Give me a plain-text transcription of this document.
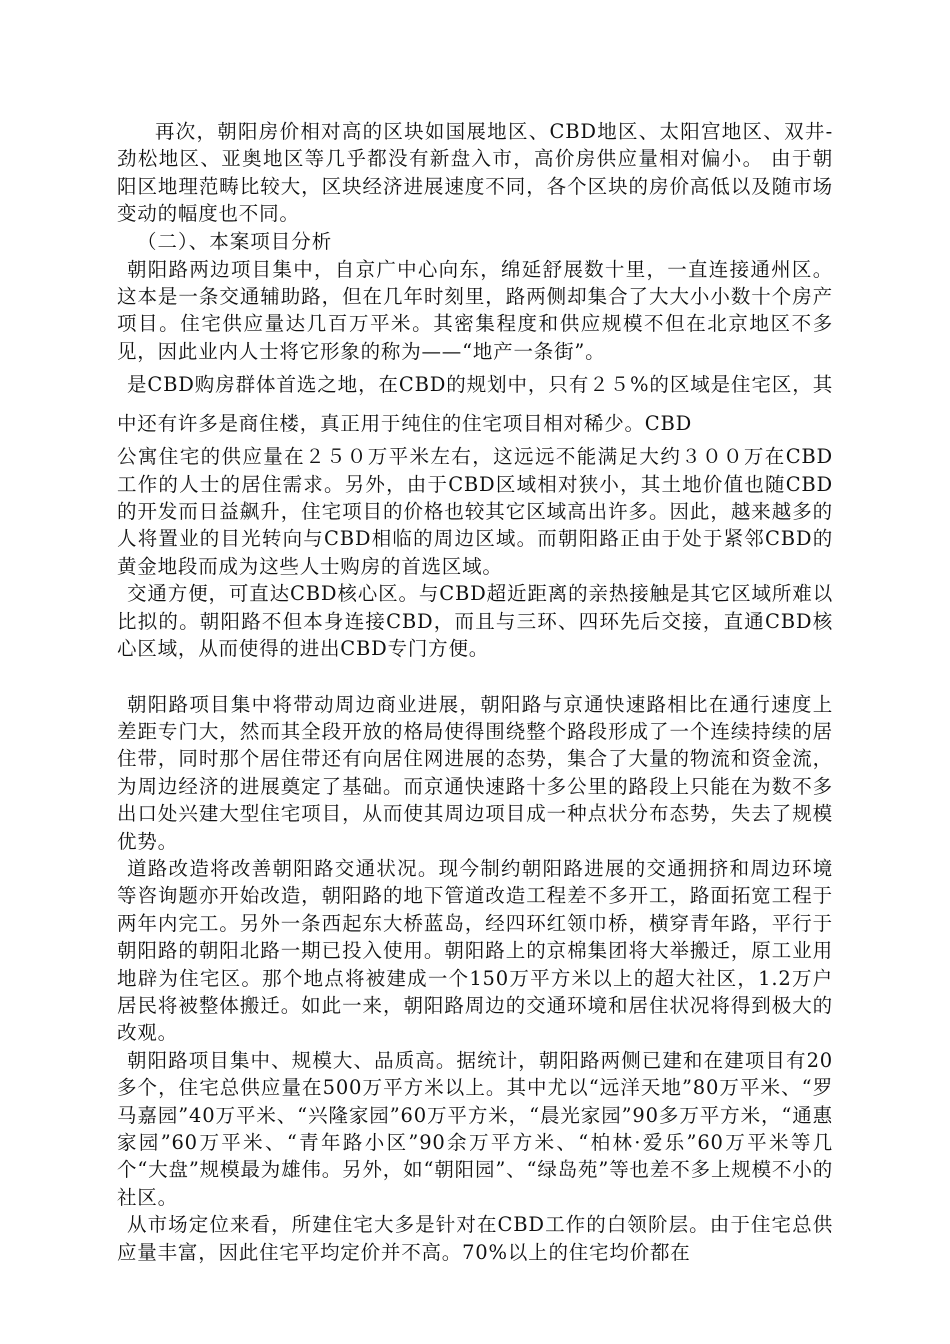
再次，朝阳房价相对高的区块如国展地区、CBD地区、太阳宫地区、双井-劲松地区、亚奥地区等几乎都没有新盘入市，高价房供应量相对偏小。 由于朝阳区地理范畴比较大，区块经济进展速度不同，各个区块的房价高低以及随市场变动的幅度也不同。

（二）、本案项目分析

朝阳路两边项目集中，自京广中心向东，绵延舒展数十里，一直连接通州区。这本是一条交通辅助路，但在几年时刻里，路两侧却集合了大大小小数十个房产项目。住宅供应量达几百万平米。其密集程度和供应规模不但在北京地区不多见，因此业内人士将它形象的称为——“地产一条街”。

是CBD购房群体首选之地，在CBD的规划中，只有２５%的区域是住宅区，其中还有许多是商住楼，真正用于纯住的住宅项目相对稀少。CBD

公寓住宅的供应量在２５０万平米左右，这远远不能满足大约３００万在CBD工作的人士的居住需求。另外，由于CBD区域相对狭小，其土地价值也随CBD的开发而日益飙升，住宅项目的价格也较其它区域高出许多。因此，越来越多的人将置业的目光转向与CBD相临的周边区域。而朝阳路正由于处于紧邻CBD的黄金地段而成为这些人士购房的首选区域。

交通方便，可直达CBD核心区。与CBD超近距离的亲热接触是其它区域所难以比拟的。朝阳路不但本身连接CBD，而且与三环、四环先后交接，直通CBD核心区域，从而使得的进出CBD专门方便。

朝阳路项目集中将带动周边商业进展，朝阳路与京通快速路相比在通行速度上差距专门大，然而其全段开放的格局使得围绕整个路段形成了一个连续持续的居住带，同时那个居住带还有向居住网进展的态势，集合了大量的物流和资金流，为周边经济的进展奠定了基础。而京通快速路十多公里的路段上只能在为数不多出口处兴建大型住宅项目，从而使其周边项目成一种点状分布态势，失去了规模优势。

道路改造将改善朝阳路交通状况。现今制约朝阳路进展的交通拥挤和周边环境等咨询题亦开始改造，朝阳路的地下管道改造工程差不多开工，路面拓宽工程于两年内完工。另外一条西起东大桥蓝岛，经四环红领巾桥，横穿青年路，平行于朝阳路的朝阳北路一期已投入使用。朝阳路上的京棉集团将大举搬迁，原工业用地辟为住宅区。那个地点将被建成一个150万平方米以上的超大社区，1.2万户居民将被整体搬迁。如此一来，朝阳路周边的交通环境和居住状况将得到极大的改观。

朝阳路项目集中、规模大、品质高。据统计，朝阳路两侧已建和在建项目有20多个，住宅总供应量在500万平方米以上。其中尤以“远洋天地”80万平米、“罗马嘉园”40万平米、“兴隆家园”60万平方米，“晨光家园”90多万平方米，“通惠家园”60万平米、“青年路小区”90余万平方米、“柏林·爱乐”60万平米等几个“大盘”规模最为雄伟。另外，如“朝阳园”、“绿岛苑”等也差不多上规模不小的社区。

从市场定位来看，所建住宅大多是针对在CBD工作的白领阶层。由于住宅总供应量丰富，因此住宅平均定价并不高。70%以上的住宅均价都在
